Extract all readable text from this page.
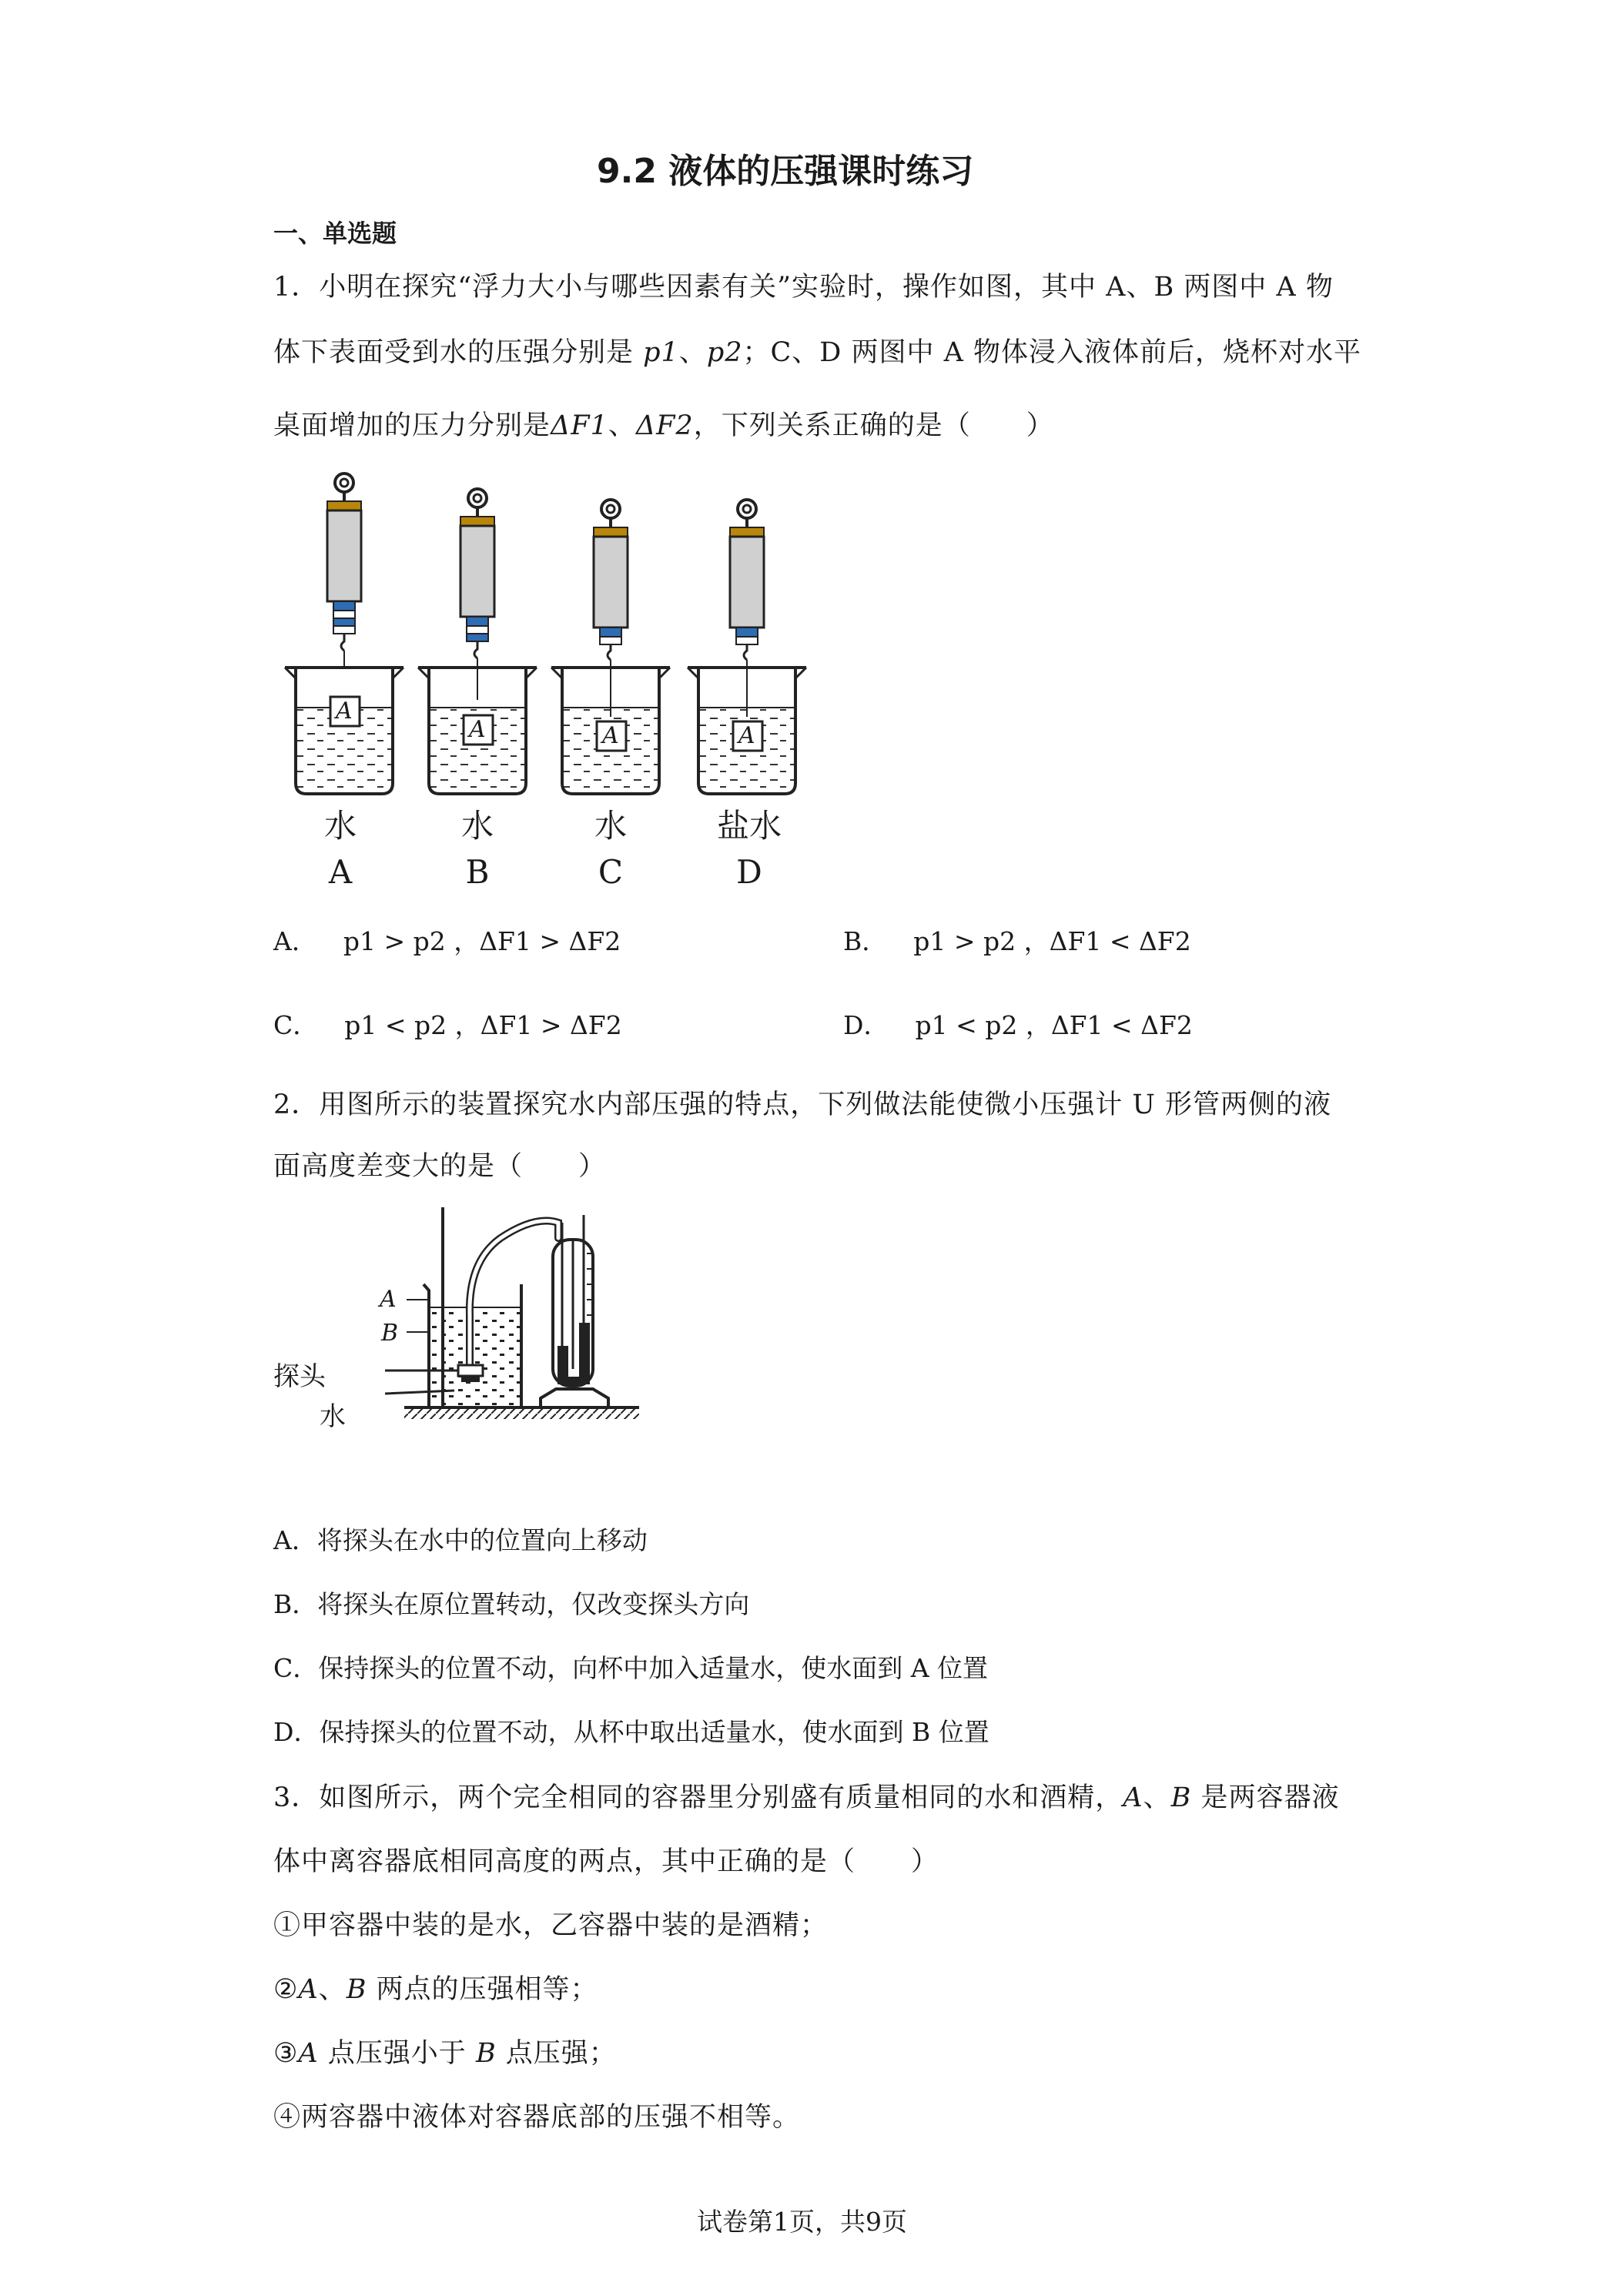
9.2 液体的压强课时练习
一、单选题
1．小明在探究“浮力大小与哪些因素有关”实验时，操作如图，其中 A、B 两图中 A 物
体下表面受到水的压强分别是 p1、p2；C、D 两图中 A 物体浸入液体前后，烧杯对水平
桌面增加的压力分别是ΔF1、ΔF2，下列关系正确的是（　　）
A
A	A	A
水	水	水	盐水
A	B	C	D
A． p1 > p2 ，ΔF1 > ΔF2	B． p1 > p2 ，ΔF1 < ΔF2
C． p1 < p2 ，ΔF1 > ΔF2	D． p1 < p2 ，ΔF1 < ΔF2
2．用图所示的装置探究水内部压强的特点，下列做法能使微小压强计 U 形管两侧的液
面高度差变大的是（　　）
A
B
探头
水
A．将探头在水中的位置向上移动
B．将探头在原位置转动，仅改变探头方向
C．保持探头的位置不动，向杯中加入适量水，使水面到 A 位置
D．保持探头的位置不动，从杯中取出适量水，使水面到 B 位置
3．如图所示，两个完全相同的容器里分别盛有质量相同的水和酒精，A、B 是两容器液
体中离容器底相同高度的两点，其中正确的是（　　）
①甲容器中装的是水，乙容器中装的是酒精；
②A、B 两点的压强相等；
③A 点压强小于 B 点压强；
④两容器中液体对容器底部的压强不相等。
试卷第1页，共9页
